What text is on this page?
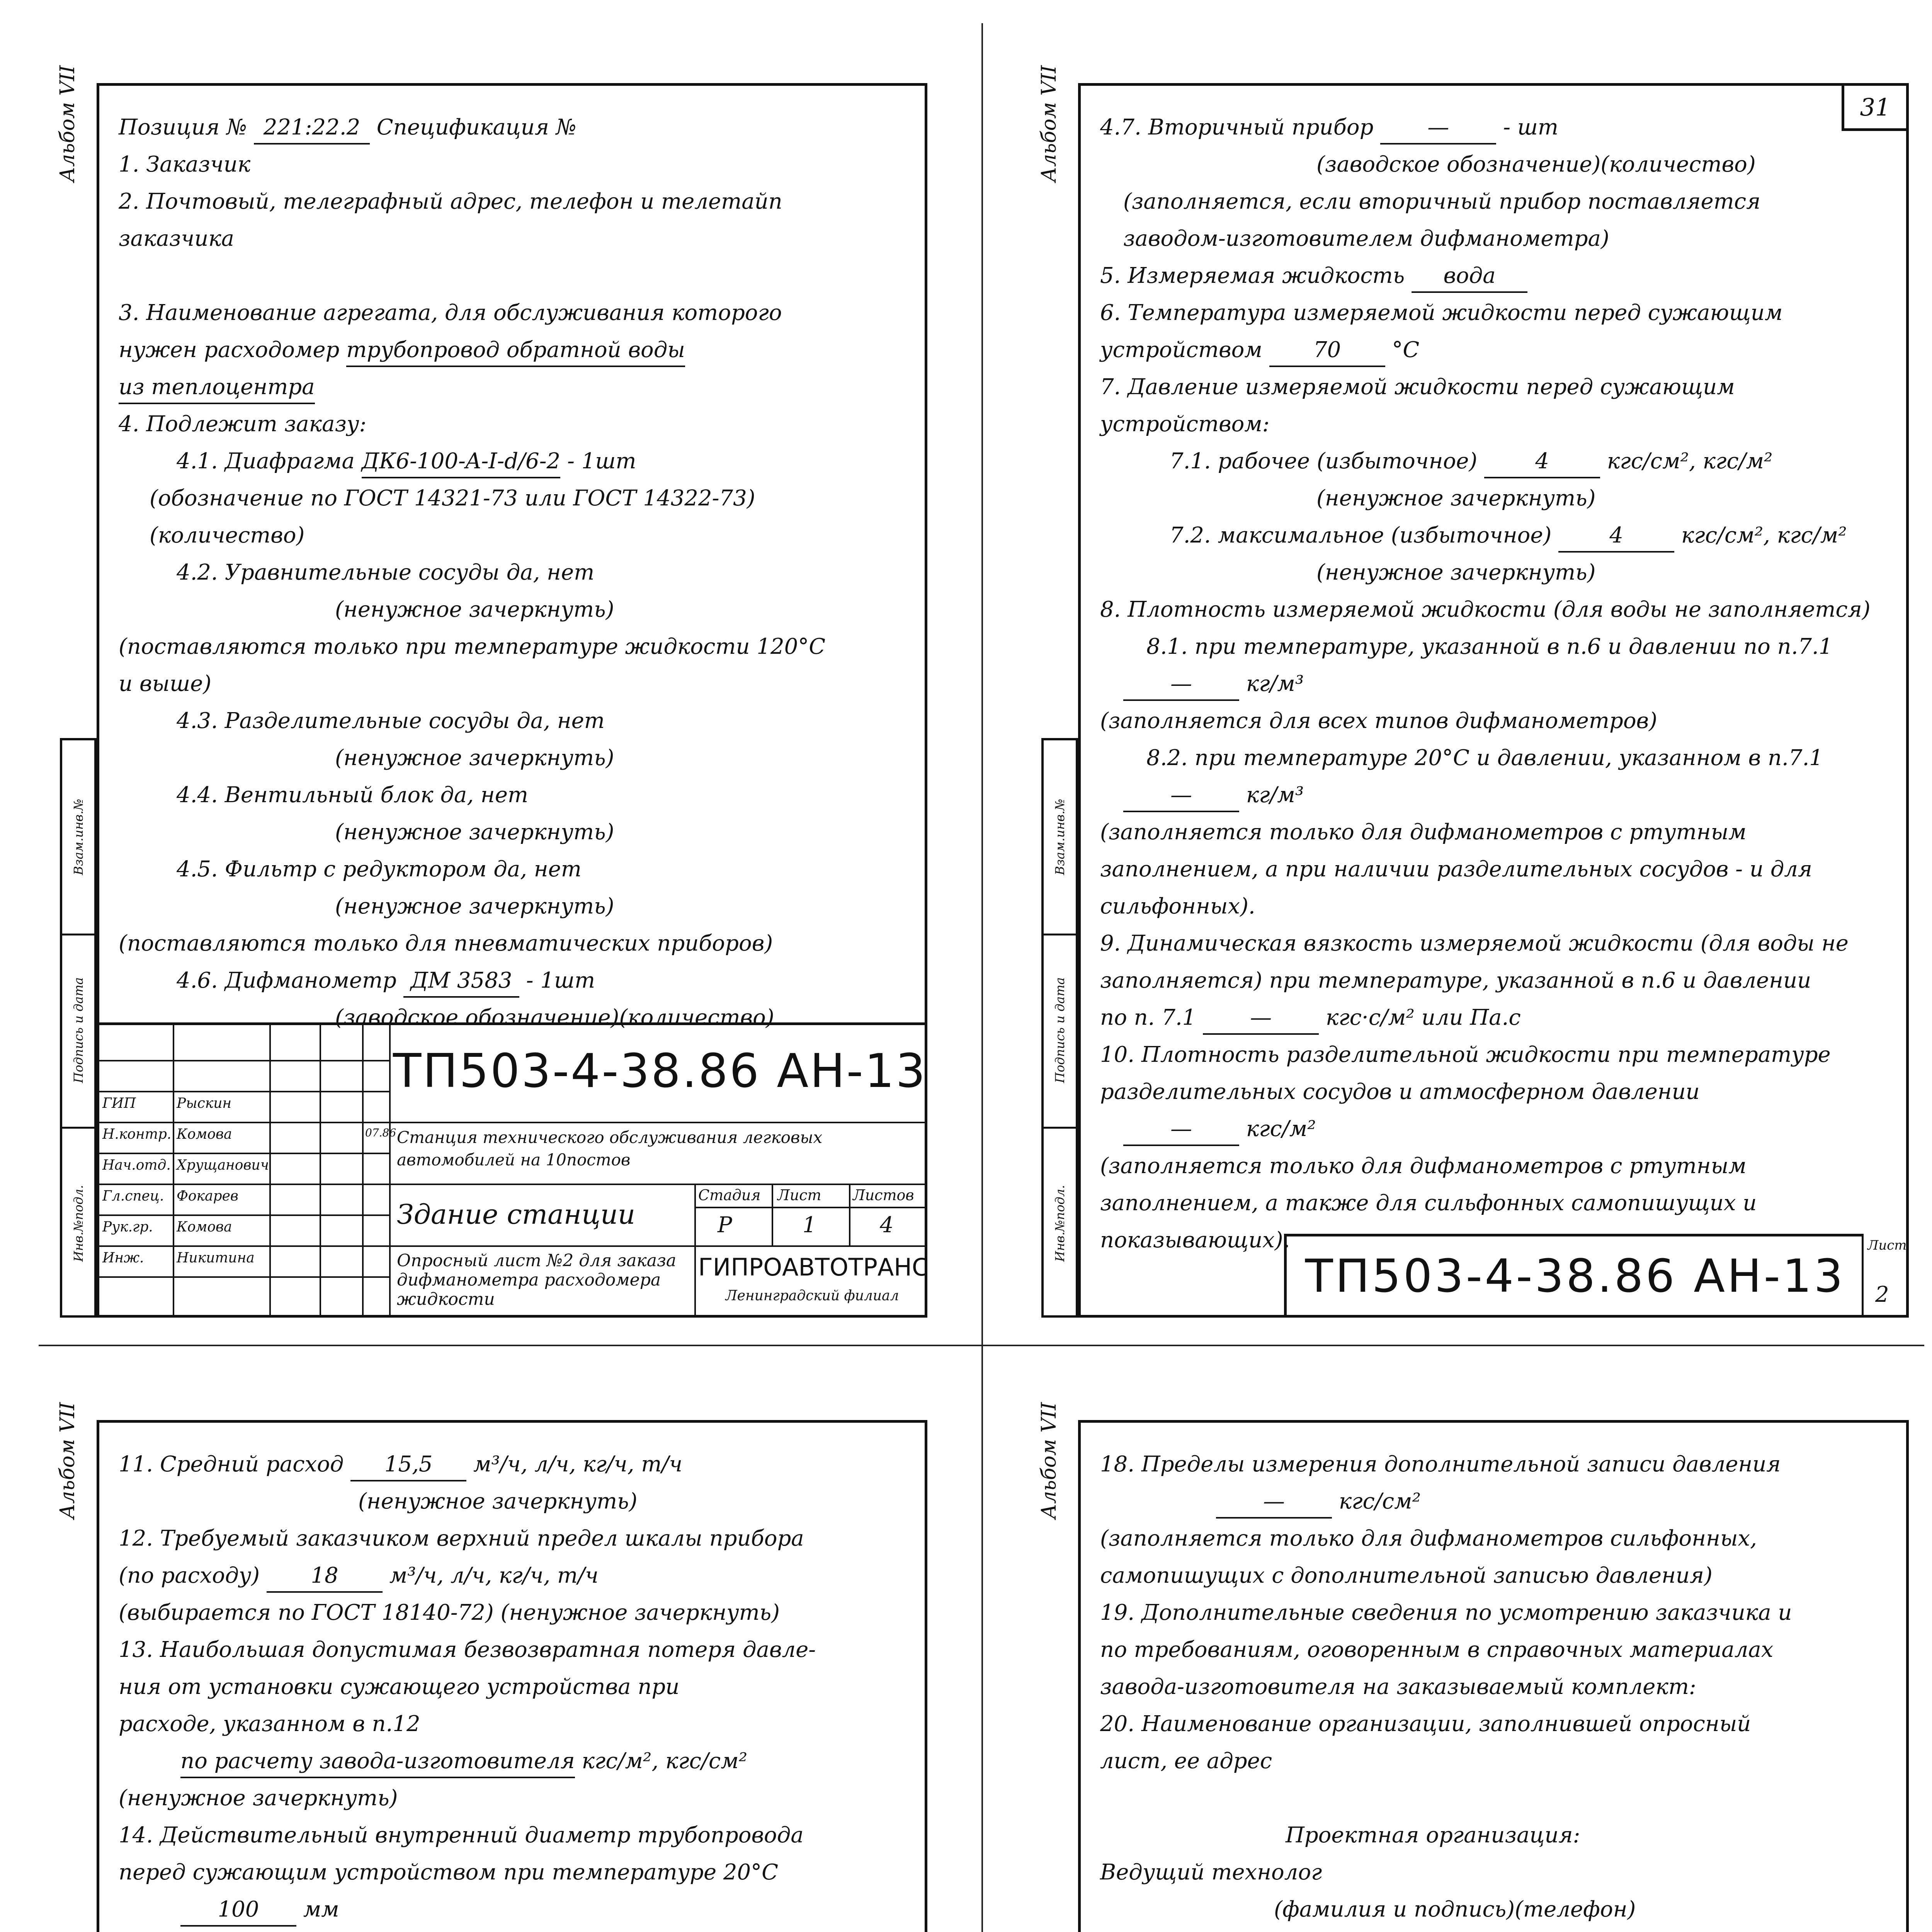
Альбом VII Позиция № 221:22.2 Спецификация №
1. Заказчик
2. Почтовый, телеграфный адрес, телефон и телетайп
заказчика
3. Наименование агрегата, для обслуживания которого
нужен расходомер трубопровод обратной воды
из теплоцентра
4. Подлежит заказу:
4.1. Диафрагма ДК6-100-A-I-d/6-2 - 1шт
(обозначение по ГОСТ 14321-73 или ГОСТ 14322-73)
(количество)
4.2. Уравнительные сосуды да, нет
(ненужное зачеркнуть)
(поставляются только при температуре жидкости 120°С
и выше)
4.3. Разделительные сосуды да, нет
(ненужное зачеркнуть)
4.4. Вентильный блок да, нет
(ненужное зачеркнуть)
4.5. Фильтр с редуктором да, нет
(ненужное зачеркнуть)
(поставляются только для пневматических приборов)
4.6. Дифманометр ДМ 3583 - 1шт
(заводское обозначение)(количество)
ТП503-4-38.86 АН-13
Станция технического обслуживания легковых автомобилей на 10постов
Здание станции
Стадия	Лист	Листов
Р	1	4
Опросный лист №2 для заказа дифманометра расходомера жидкости
ГИПРОАВТОТРАНС
Ленинградский филиал
ГИП	Рыскин
Н.контр. Комова
Нач.отд. Хрущанович
Гл.спец. Фокарев
Рук.гр.	Комова
Инж.	Никитина
07.86
Инв.№подл.
Подпись и дата
Взам.инв.№
Альбом VII	31
4.7. Вторичный прибор — - шт
(заводское обозначение)(количество)
(заполняется, если вторичный прибор поставляется
заводом-изготовителем дифманометра)
5. Измеряемая жидкость вода
6. Температура измеряемой жидкости перед сужающим
устройством 70 °С
7. Давление измеряемой жидкости перед сужающим
устройством:
7.1. рабочее (избыточное)	4	кгс/см², кгс/м²
(ненужное зачеркнуть)
7.2. максимальное (избыточное)	4	кгс/см², кгс/м²
(ненужное зачеркнуть)
8. Плотность измеряемой жидкости (для воды не заполняется)
8.1. при температуре, указанной в п.6 и давлении по п.7.1
— кг/м³
(заполняется для всех типов дифманометров)
8.2. при температуре 20°С и давлении, указанном в п.7.1
— кг/м³
(заполняется только для дифманометров с ртутным
заполнением, а при наличии разделительных сосудов - и для
сильфонных).
9. Динамическая вязкость измеряемой жидкости (для воды не
заполняется) при температуре, указанной в п.6 и давлении
по п. 7.1 — кгс·с/м² или Па.с
10. Плотность разделительной жидкости при температуре
разделительных сосудов и атмосферном давлении
— кгс/м²
(заполняется только для дифманометров с ртутным
заполнением, а также для сильфонных самопишущих и
показывающих).
ТП503-4-38.86 АН-13
Лист
2
Инв.№подл.
Подпись и дата
Взам.инв.№
Альбом VII 11. Средний расход 15,5 м³/ч, л/ч, кг/ч, т/ч
(ненужное зачеркнуть)
12. Требуемый заказчиком верхний предел шкалы прибора
(по расходу) 18 м³/ч, л/ч, кг/ч, т/ч
(выбирается по ГОСТ 18140-72) (ненужное зачеркнуть)
13. Наибольшая допустимая безвозвратная потеря давле-
ния от установки сужающего устройства при
расходе, указанном в п.12
по расчету завода-изготовителя кгс/м², кгс/см²
(ненужное зачеркнуть)
14. Действительный внутренний диаметр трубопровода
перед сужающим устройством при температуре 20°С
100 мм
Альбом VII 18. Пределы измерения дополнительной записи давления
— кгс/см²
(заполняется только для дифманометров сильфонных,
самопишущих с дополнительной записью давления)
19. Дополнительные сведения по усмотрению заказчика и
по требованиям, оговоренным в справочных материалах
завода-изготовителя на заказываемый комплект:
20. Наименование организации, заполнившей опросный
лист, ее адрес
Проектная организация:
Ведущий технолог
(фамилия и подпись)(телефон)
